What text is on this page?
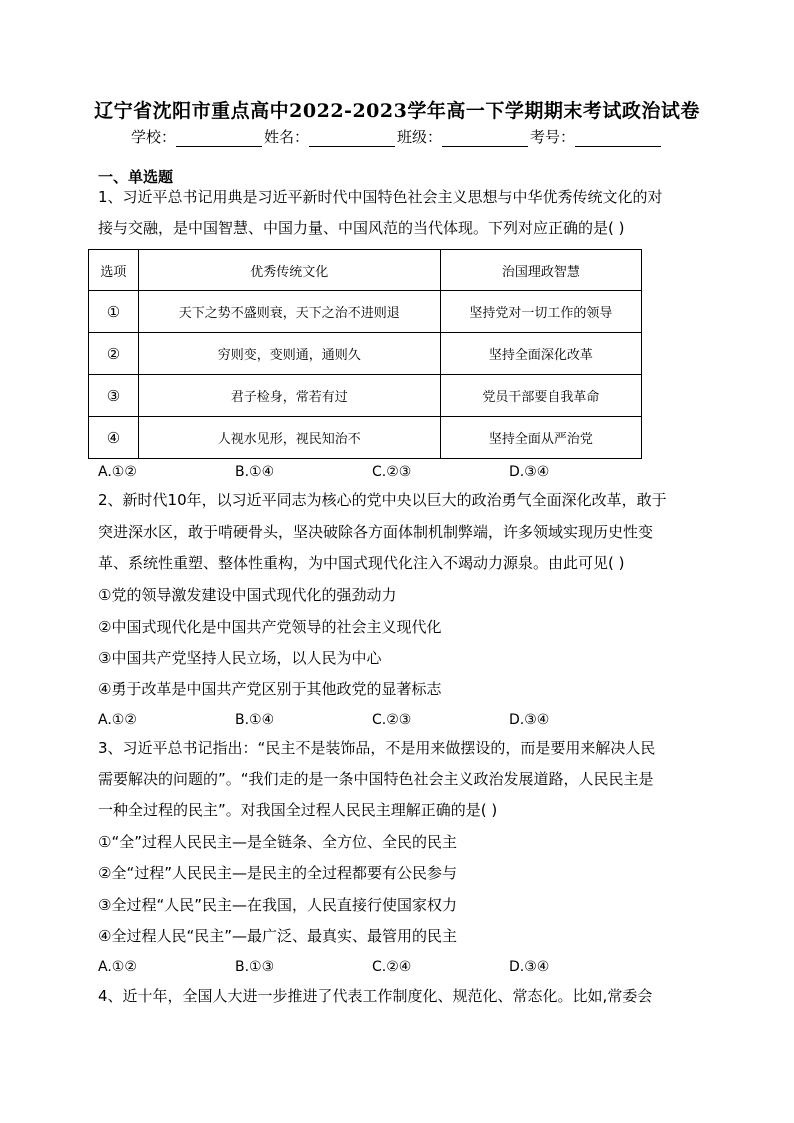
辽宁省沈阳市重点高中2022-2023学年高一下学期期末考试政治试卷
学校：	姓名：	班级：	考号：
一、单选题
1、习近平总书记用典是习近平新时代中国特色社会主义思想与中华优秀传统文化的对
接与交融，是中国智慧、中国力量、中国风范的当代体现。下列对应正确的是( )
选项	优秀传统文化	治国理政智慧
①	天下之势不盛则衰，天下之治不进则退	坚持党对一切工作的领导
②	穷则变，变则通，通则久	坚持全面深化改革
③	君子检身，常若有过	党员干部要自我革命
④	人视水见形，视民知治不	坚持全面从严治党
A.①②	B.①④	C.②③	D.③④
2、新时代10年，以习近平同志为核心的党中央以巨大的政治勇气全面深化改革，敢于
突进深水区，敢于啃硬骨头，坚决破除各方面体制机制弊端，许多领域实现历史性变
革、系统性重塑、整体性重构，为中国式现代化注入不竭动力源泉。由此可见( )
①党的领导激发建设中国式现代化的强劲动力
②中国式现代化是中国共产党领导的社会主义现代化
③中国共产党坚持人民立场，以人民为中心
④勇于改革是中国共产党区别于其他政党的显著标志
A.①②	B.①④	C.②③	D.③④
3、习近平总书记指出：“民主不是装饰品，不是用来做摆设的，而是要用来解决人民
需要解决的问题的”。“我们走的是一条中国特色社会主义政治发展道路，人民民主是
一种全过程的民主”。对我国全过程人民民主理解正确的是( )
①“全”过程人民民主—是全链条、全方位、全民的民主
②全“过程”人民民主—是民主的全过程都要有公民参与
③全过程“人民”民主—在我国，人民直接行使国家权力
④全过程人民“民主”—最广泛、最真实、最管用的民主
A.①②	B.①③	C.②④	D.③④
4、近十年，全国人大进一步推进了代表工作制度化、规范化、常态化。比如,常委会
